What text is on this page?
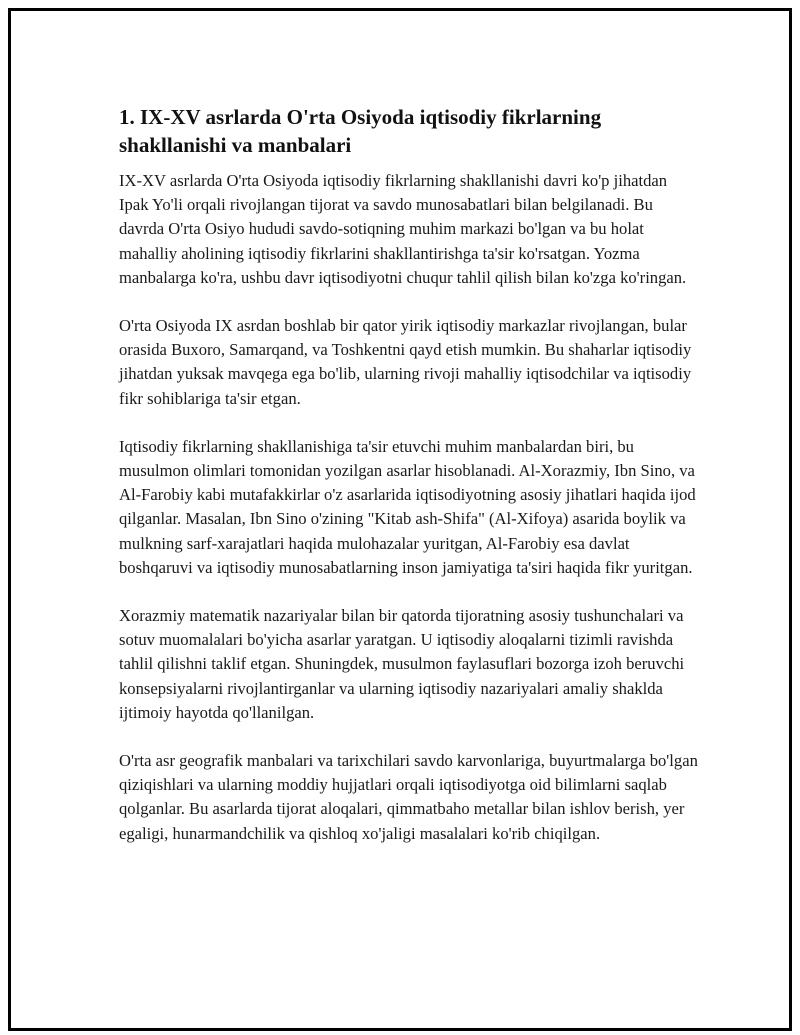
1. IX-XV asrlarda O'rta Osiyoda iqtisodiy fikrlarning shakllanishi va manbalari

IX-XV asrlarda O'rta Osiyoda iqtisodiy fikrlarning shakllanishi davri ko'p jihatdan Ipak Yo'li orqali rivojlangan tijorat va savdo munosabatlari bilan belgilanadi. Bu davrda O'rta Osiyo hududi savdo-sotiqning muhim markazi bo'lgan va bu holat mahalliy aholining iqtisodiy fikrlarini shakllantirishga ta'sir ko'rsatgan. Yozma manbalarga ko'ra, ushbu davr iqtisodiyotni chuqur tahlil qilish bilan ko'zga ko'ringan.

O'rta Osiyoda IX asrdan boshlab bir qator yirik iqtisodiy markazlar rivojlangan, bular orasida Buxoro, Samarqand, va Toshkentni qayd etish mumkin. Bu shaharlar iqtisodiy jihatdan yuksak mavqega ega bo'lib, ularning rivoji mahalliy iqtisodchilar va iqtisodiy fikr sohiblariga ta'sir etgan.

Iqtisodiy fikrlarning shakllanishiga ta'sir etuvchi muhim manbalardan biri, bu musulmon olimlari tomonidan yozilgan asarlar hisoblanadi. Al-Xorazmiy, Ibn Sino, va Al-Farobiy kabi mutafakkirlar o'z asarlarida iqtisodiyotning asosiy jihatlari haqida ijod qilganlar. Masalan, Ibn Sino o'zining "Kitab ash-Shifa" (Al-Xifoya) asarida boylik va mulkning sarf-xarajatlari haqida mulohazalar yuritgan, Al-Farobiy esa davlat boshqaruvi va iqtisodiy munosabatlarning inson jamiyatiga ta'siri haqida fikr yuritgan.

Xorazmiy matematik nazariyalar bilan bir qatorda tijoratning asosiy tushunchalari va sotuv muomalalari bo'yicha asarlar yaratgan. U iqtisodiy aloqalarni tizimli ravishda tahlil qilishni taklif etgan. Shuningdek, musulmon faylasuflari bozorga izoh beruvchi konsepsiyalarni rivojlantirganlar va ularning iqtisodiy nazariyalari amaliy shaklda ijtimoiy hayotda qo'llanilgan.

O'rta asr geografik manbalari va tarixchilari savdo karvonlariga, buyurtmalarga bo'lgan qiziqishlari va ularning moddiy hujjatlari orqali iqtisodiyotga oid bilimlarni saqlab qolganlar. Bu asarlarda tijorat aloqalari, qimmatbaho metallar bilan ishlov berish, yer egaligi, hunarmandchilik va qishloq xo'jaligi masalalari ko'rib chiqilgan.
